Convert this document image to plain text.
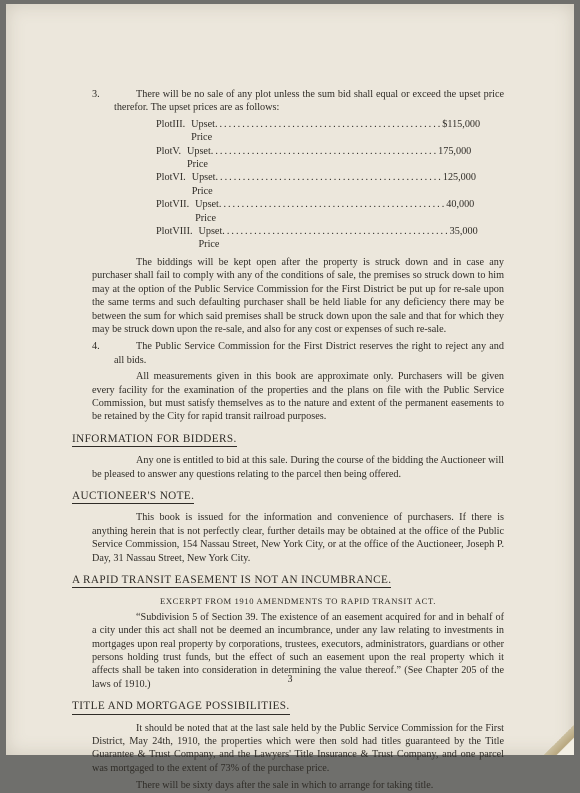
3.	There will be no sale of any plot unless the sum bid shall equal or exceed the upset price therefor. The upset prices are as follows:

Plot III. Upset Price
.................................................. $115,000
Plot V. Upset Price
.................................................. 175,000
Plot VI. Upset Price
.................................................. 125,000
Plot VII. Upset Price
.................................................. 40,000
Plot VIII. Upset Price
.................................................. 35,000

The biddings will be kept open after the property is struck down and in case any purchaser shall fail to comply with any of the conditions of sale, the premises so struck down to him may at the option of the Public Service Commission for the First District be put up for re-sale upon the same terms and such defaulting purchaser shall be held liable for any deficiency there may be between the sum for which said premises shall be struck down upon the sale and that for which they may be struck down upon the re-sale, and also for any cost or expenses of such re-sale.

4.	The Public Service Commission for the First District reserves the right to reject any and all bids.

All measurements given in this book are approximate only. Purchasers will be given every facility for the examination of the properties and the plans on file with the Public Service Commission, but must satisfy themselves as to the nature and extent of the permanent easements to be retained by the City for rapid transit railroad purposes.

INFORMATION FOR BIDDERS.

Any one is entitled to bid at this sale. During the course of the bidding the Auctioneer will be pleased to answer any questions relating to the parcel then being offered.

AUCTIONEER'S NOTE.

This book is issued for the information and convenience of purchasers. If there is anything herein that is not perfectly clear, further details may be obtained at the office of the Public Service Commission, 154 Nassau Street, New York City, or at the office of the Auctioneer, Joseph P. Day, 31 Nassau Street, New York City.

A RAPID TRANSIT EASEMENT IS NOT AN INCUMBRANCE.

EXCERPT FROM 1910 AMENDMENTS TO RAPID TRANSIT ACT.

“Subdivision 5 of Section 39. The existence of an easement acquired for and in behalf of a city under this act shall not be deemed an incumbrance, under any law relating to investments in mortgages upon real property by corporations, trustees, executors, administrators, guardians or other persons holding trust funds, but the effect of such an easement upon the real property which it affects shall be taken into consideration in determining the value thereof.” (See Chapter 205 of the laws of 1910.)

TITLE AND MORTGAGE POSSIBILITIES.

It should be noted that at the last sale held by the Public Service Commission for the First District, May 24th, 1910, the properties which were then sold had titles guaranteed by the Title Guarantee & Trust Company, and the Lawyers' Title Insurance & Trust Company, and one parcel was mortgaged to the extent of 73% of the purchase price.

There will be sixty days after the sale in which to arrange for taking title.

3
